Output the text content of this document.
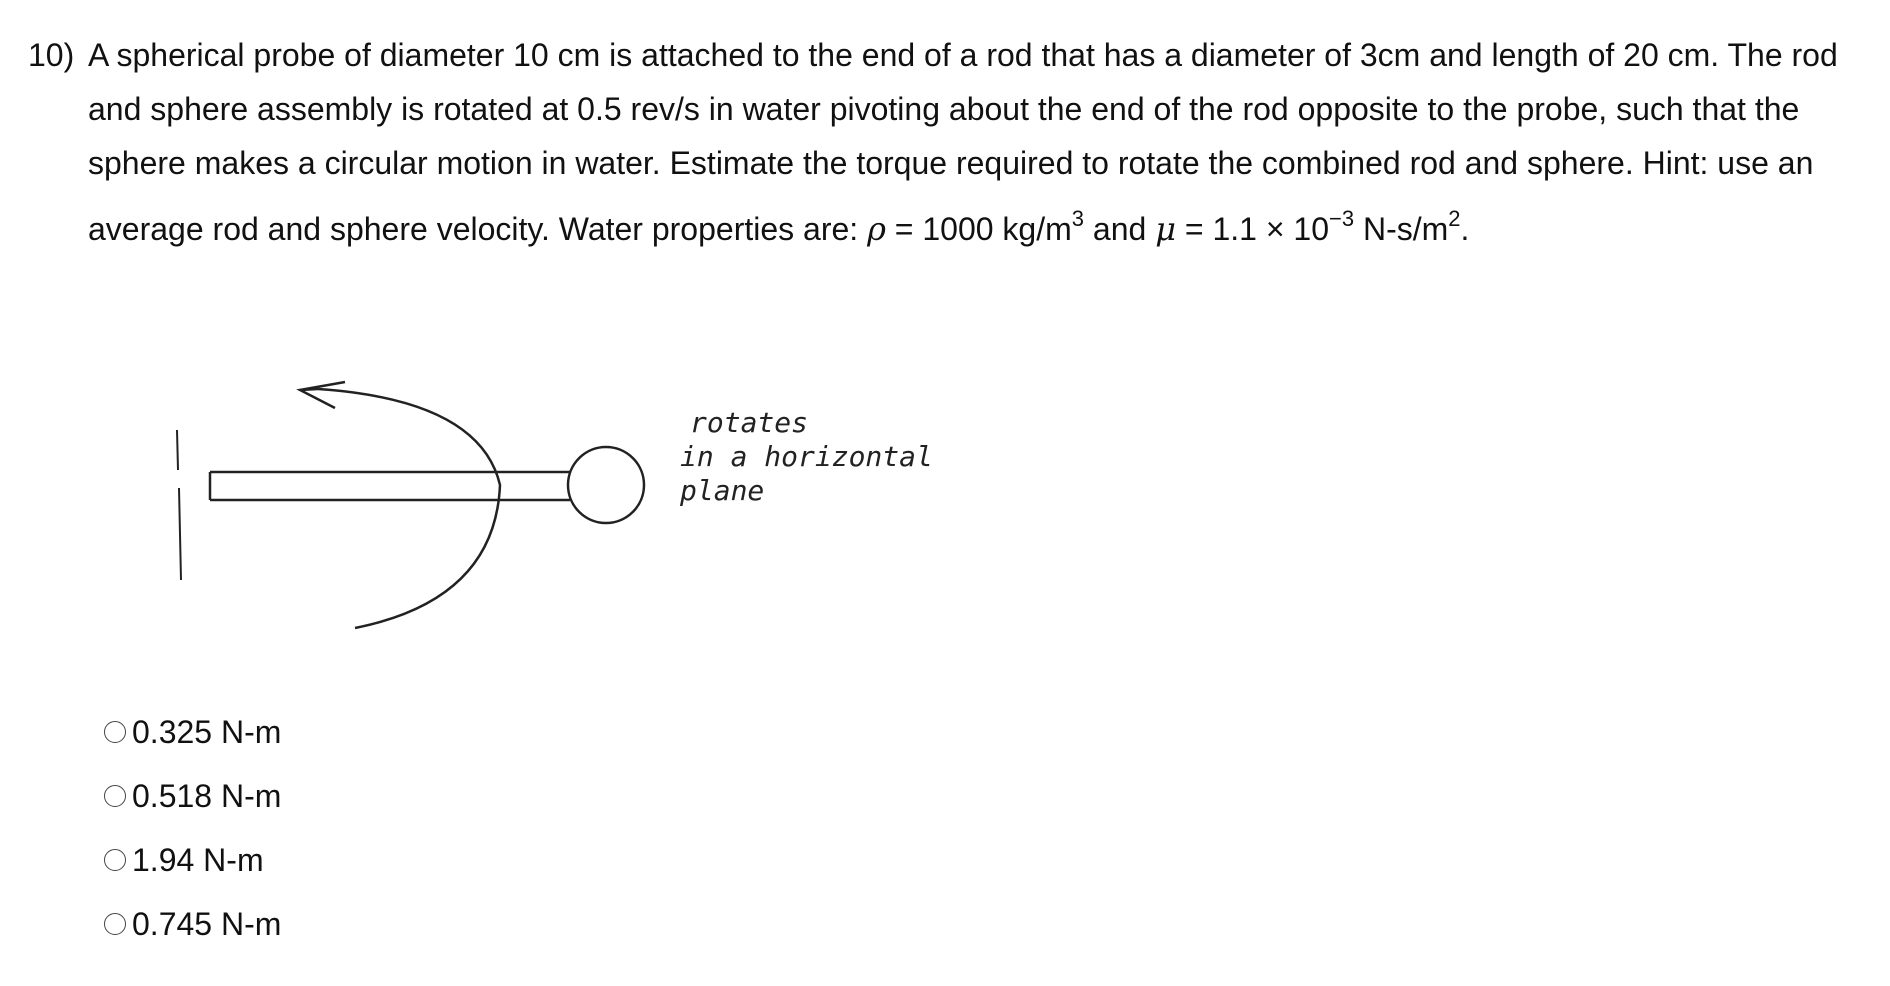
10) A spherical probe of diameter 10 cm is attached to the end of a rod that has a diameter of 3cm and length of 20 cm. The rod
and sphere assembly is rotated at 0.5 rev/s in water pivoting about the end of the rod opposite to the probe, such that the
sphere makes a circular motion in water. Estimate the torque required to rotate the combined rod and sphere. Hint: use an
average rod and sphere velocity. Water properties are: ρ = 1000 $kg/m^3$ and $\mu = 1.1 \times 10^{-3}$ $N-s/m^2$.
rotates
in a horizontal
plane
0.325 N-m
0.518 N-m
1.94 N-m
0.745 N-m
